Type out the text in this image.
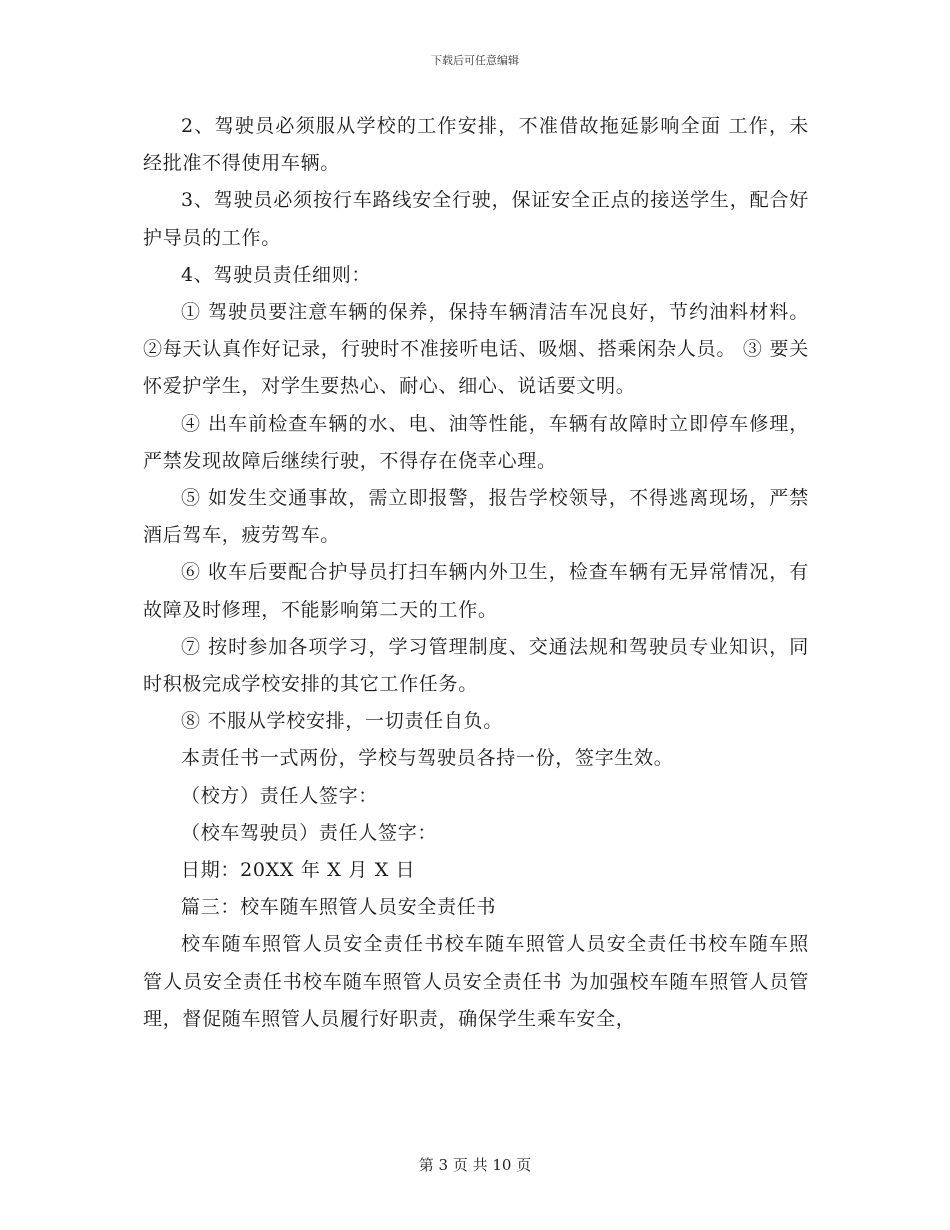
下载后可任意编辑

2、驾驶员必须服从学校的工作安排，不准借故拖延影响全面 工作，未经批准不得使用车辆。

3、驾驶员必须按行车路线安全行驶，保证安全正点的接送学生，配合好护导员的工作。

4、驾驶员责任细则：

① 驾驶员要注意车辆的保养，保持车辆清洁车况良好，节约油料材料。 ②每天认真作好记录，行驶时不准接听电话、吸烟、搭乘闲杂人员。 ③ 要关怀爱护学生，对学生要热心、耐心、细心、说话要文明。

④ 出车前检查车辆的水、电、油等性能，车辆有故障时立即停车修理，严禁发现故障后继续行驶，不得存在侥幸心理。

⑤ 如发生交通事故，需立即报警，报告学校领导，不得逃离现场，严禁酒后驾车，疲劳驾车。

⑥ 收车后要配合护导员打扫车辆内外卫生，检查车辆有无异常情况，有故障及时修理，不能影响第二天的工作。

⑦ 按时参加各项学习，学习管理制度、交通法规和驾驶员专业知识，同时积极完成学校安排的其它工作任务。

⑧ 不服从学校安排，一切责任自负。

本责任书一式两份，学校与驾驶员各持一份，签字生效。

（校方）责任人签字：

（校车驾驶员）责任人签字：

日期：20XX 年 X 月 X 日

篇三：校车随车照管人员安全责任书

校车随车照管人员安全责任书校车随车照管人员安全责任书校车随车照管人员安全责任书校车随车照管人员安全责任书 为加强校车随车照管人员管理，督促随车照管人员履行好职责，确保学生乘车安全，

第 3 页 共 10 页
